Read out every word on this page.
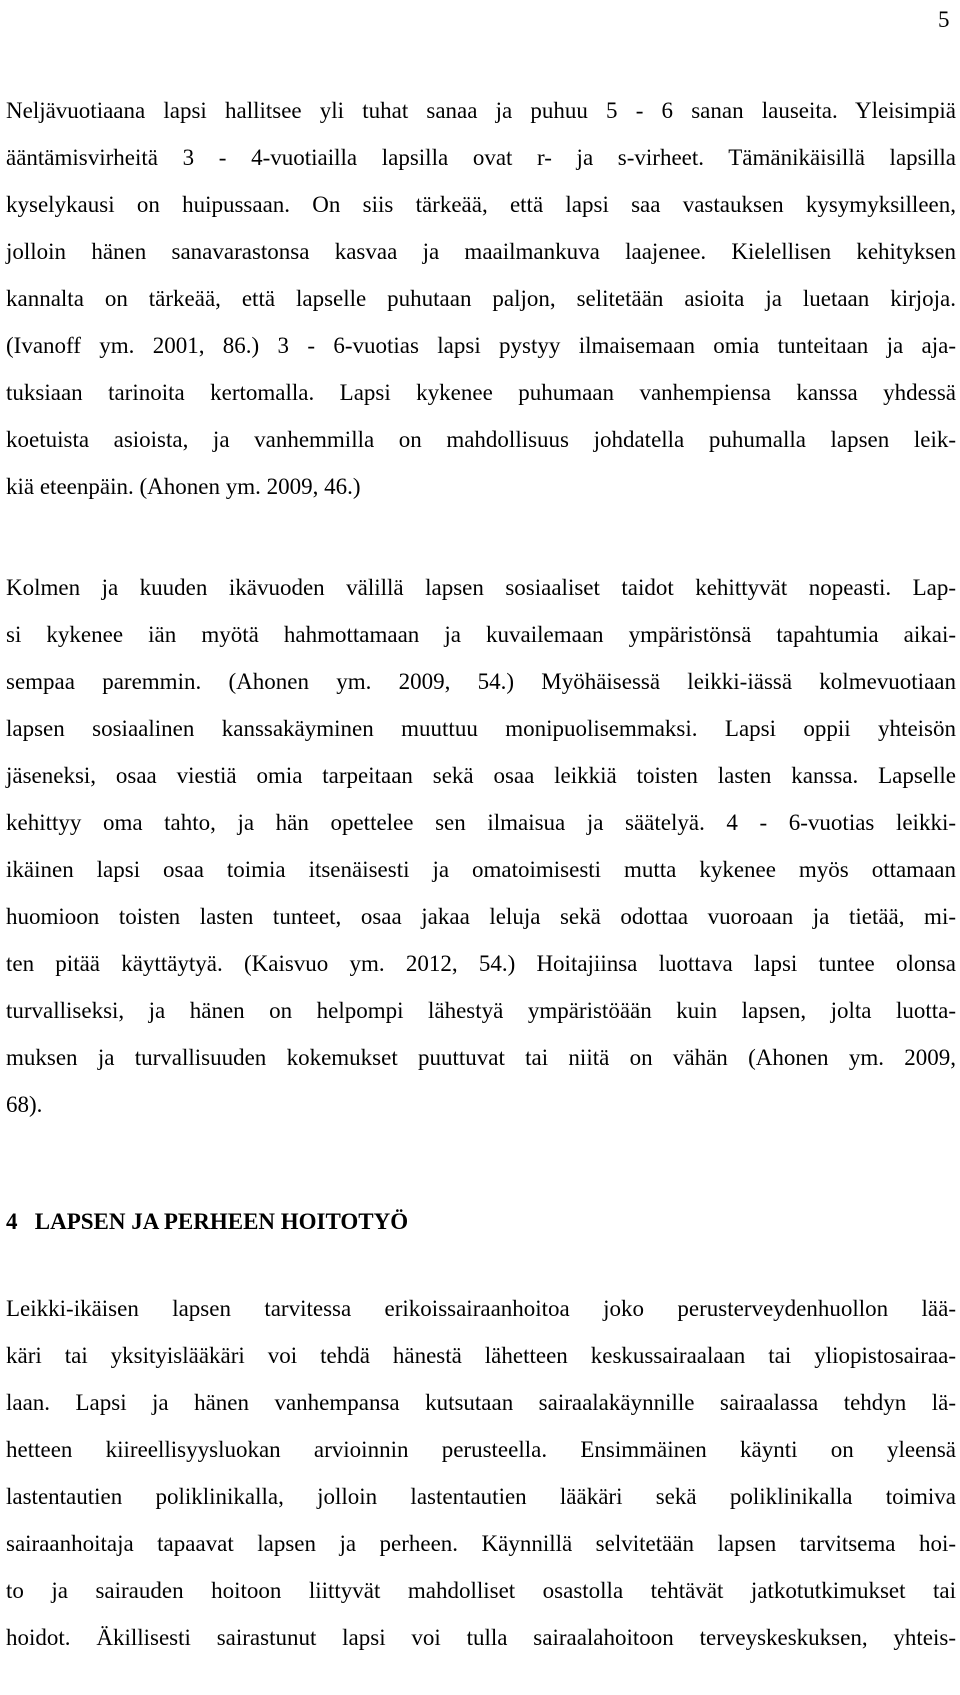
5
Neljävuotiaana lapsi hallitsee yli tuhat sanaa ja puhuu 5 - 6 sanan lauseita. Yleisimpiä
ääntämisvirheitä 3 - 4-vuotiailla lapsilla ovat r- ja s-virheet. Tämänikäisillä lapsilla
kyselykausi on huipussaan. On siis tärkeää, että lapsi saa vastauksen kysymyksilleen,
jolloin hänen sanavarastonsa kasvaa ja maailmankuva laajenee. Kielellisen kehityksen
kannalta on tärkeää, että lapselle puhutaan paljon, selitetään asioita ja luetaan kirjoja.
(Ivanoff ym. 2001, 86.) 3 - 6-vuotias lapsi pystyy ilmaisemaan omia tunteitaan ja aja-
tuksiaan tarinoita kertomalla. Lapsi kykenee puhumaan vanhempiensa kanssa yhdessä
koetuista asioista, ja vanhemmilla on mahdollisuus johdatella puhumalla lapsen leik-
kiä eteenpäin. (Ahonen ym. 2009, 46.)
Kolmen ja kuuden ikävuoden välillä lapsen sosiaaliset taidot kehittyvät nopeasti. Lap-
si kykenee iän myötä hahmottamaan ja kuvailemaan ympäristönsä tapahtumia aikai-
sempaa paremmin. (Ahonen ym. 2009, 54.) Myöhäisessä leikki-iässä kolmevuotiaan
lapsen sosiaalinen kanssakäyminen muuttuu monipuolisemmaksi. Lapsi oppii yhteisön
jäseneksi, osaa viestiä omia tarpeitaan sekä osaa leikkiä toisten lasten kanssa. Lapselle
kehittyy oma tahto, ja hän opettelee sen ilmaisua ja säätelyä. 4 - 6-vuotias leikki-
ikäinen lapsi osaa toimia itsenäisesti ja omatoimisesti mutta kykenee myös ottamaan
huomioon toisten lasten tunteet, osaa jakaa leluja sekä odottaa vuoroaan ja tietää, mi-
ten pitää käyttäytyä. (Kaisvuo ym. 2012, 54.) Hoitajiinsa luottava lapsi tuntee olonsa
turvalliseksi, ja hänen on helpompi lähestyä ympäristöään kuin lapsen, jolta luotta-
muksen ja turvallisuuden kokemukset puuttuvat tai niitä on vähän (Ahonen ym. 2009,
68).
4   LAPSEN JA PERHEEN HOITOTYÖ
Leikki-ikäisen lapsen tarvitessa erikoissairaanhoitoa joko perusterveydenhuollon lää-
käri tai yksityislääkäri voi tehdä hänestä lähetteen keskussairaalaan tai yliopistosairaa-
laan. Lapsi ja hänen vanhempansa kutsutaan sairaalakäynnille sairaalassa tehdyn lä-
hetteen kiireellisyysluokan arvioinnin perusteella. Ensimmäinen käynti on yleensä
lastentautien poliklinikalla, jolloin lastentautien lääkäri sekä poliklinikalla toimiva
sairaanhoitaja tapaavat lapsen ja perheen. Käynnillä selvitetään lapsen tarvitsema hoi-
to ja sairauden hoitoon liittyvät mahdolliset osastolla tehtävät jatkotutkimukset tai
hoidot. Äkillisesti sairastunut lapsi voi tulla sairaalahoitoon terveyskeskuksen, yhteis-
